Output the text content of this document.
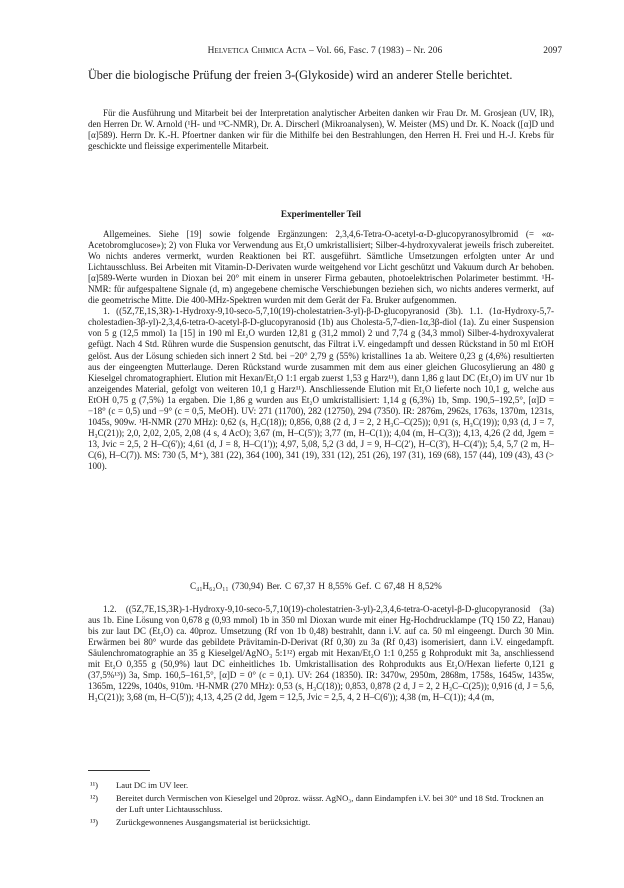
Helvetica Chimica Acta – Vol. 66, Fasc. 7 (1983) – Nr. 206	2097
Über die biologische Prüfung der freien 3-(Glykoside) wird an anderer Stelle berichtet.

Für die Ausführung und Mitarbeit bei der Interpretation analytischer Arbeiten danken wir Frau Dr. M. Grosjean (UV, IR), den Herren Dr. W. Arnold (¹H- und ¹³C-NMR), Dr. A. Dirscherl (Mikroanalysen), W. Meister (MS) und Dr. K. Noack ([α]D und [α]589). Herrn Dr. K.-H. Pfoertner danken wir für die Mithilfe bei den Bestrahlungen, den Herren H. Frei und H.-J. Krebs für geschickte und fleissige experimentelle Mitarbeit.

Experimenteller Teil

Allgemeines. Siehe [19] sowie folgende Ergänzungen: 2,3,4,6-Tetra-O-acetyl-α-D-glucopyranosylbromid (= «α-Acetobromglucose»); 2) von Fluka vor Verwendung aus Et₂O umkristallisiert; Silber-4-hydroxyvalerat jeweils frisch zubereitet. Wo nichts anderes vermerkt, wurden Reaktionen bei RT. ausgeführt. Sämtliche Umsetzungen erfolgten unter Ar und Lichtausschluss. Bei Arbeiten mit Vitamin-D-Derivaten wurde weitgehend vor Licht geschützt und Vakuum durch Ar behoben. [α]589-Werte wurden in Dioxan bei 20° mit einem in unserer Firma gebauten, photoelektrischen Polarimeter bestimmt. ¹H-NMR: für aufgespaltene Signale (d, m) angegebene chemische Verschiebungen beziehen sich, wo nichts anderes vermerkt, auf die geometrische Mitte. Die 400-MHz-Spektren wurden mit dem Gerät der Fa. Bruker aufgenommen.

1. ((5Z,7E,1S,3R)-1-Hydroxy-9,10-seco-5,7,10(19)-cholestatrien-3-yl)-β-D-glucopyranosid (3b). 1.1. (1α-Hydroxy-5,7-cholestadien-3β-yl)-2,3,4,6-tetra-O-acetyl-β-D-glucopyranosid (1b) aus Cholesta-5,7-dien-1α,3β-diol (1a). Zu einer Suspension von 5 g (12,5 mmol) 1a [15] in 190 ml Et₂O wurden 12,81 g (31,2 mmol) 2 und 7,74 g (34,3 mmol) Silber-4-hydroxyvalerat gefügt. Nach 4 Std. Rühren wurde die Suspension genutscht, das Filtrat i.V. eingedampft und dessen Rückstand in 50 ml EtOH gelöst. Aus der Lösung schieden sich innert 2 Std. bei −20° 2,79 g (55%) kristallines 1a ab. Weitere 0,23 g (4,6%) resultierten aus der eingeengten Mutterlauge. Deren Rückstand wurde zusammen mit dem aus einer gleichen Glucosylierung an 480 g Kieselgel chromatographiert. Elution mit Hexan/Et₂O 1:1 ergab zuerst 1,53 g Harz¹¹), dann 1,86 g laut DC (Et₂O) im UV nur 1b anzeigendes Material, gefolgt von weiteren 10,1 g Harz¹¹). Anschliessende Elution mit Et₂O lieferte noch 10,1 g, welche aus EtOH 0,75 g (7,5%) 1a ergaben. Die 1,86 g wurden aus Et₂O umkristallisiert: 1,14 g (6,3%) 1b, Smp. 190,5–192,5°, [α]D = −18° (c = 0,5) und −9° (c = 0,5, MeOH). UV: 271 (11700), 282 (12750), 294 (7350). IR: 2876m, 2962s, 1763s, 1370m, 1231s, 1045s, 909w. ¹H-NMR (270 MHz): 0,62 (s, H₃C(18)); 0,856, 0,88 (2 d, J = 2, 2 H₃C–C(25)); 0,91 (s, H₃C(19)); 0,93 (d, J = 7, H₃C(21)); 2,0, 2,02, 2,05, 2,08 (4 s, 4 AcO); 3,67 (m, H–C(5')); 3,77 (m, H–C(1)); 4,04 (m, H–C(3)); 4,13, 4,26 (2 dd, Jgem = 13, Jvic = 2,5, 2 H–C(6')); 4,61 (d, J = 8, H–C(1')); 4,97, 5,08, 5,2 (3 dd, J = 9, H–C(2'), H–C(3'), H–C(4')); 5,4, 5,7 (2 m, H–C(6), H–C(7)). MS: 730 (5, M⁺), 381 (22), 364 (100), 341 (19), 331 (12), 251 (26), 197 (31), 169 (68), 157 (44), 109 (43), 43 (> 100).

C₄₁H₆₂O₁₁ (730,94) Ber. C 67,37 H 8,55% Gef. C 67,48 H 8,52%

1.2. ((5Z,7E,1S,3R)-1-Hydroxy-9,10-seco-5,7,10(19)-cholestatrien-3-yl)-2,3,4,6-tetra-O-acetyl-β-D-glucopyranosid (3a) aus 1b. Eine Lösung von 0,678 g (0,93 mmol) 1b in 350 ml Dioxan wurde mit einer Hg-Hochdrucklampe (TQ 150 Z2, Hanau) bis zur laut DC (Et₂O) ca. 40proz. Umsetzung (Rf von 1b 0,48) bestrahlt, dann i.V. auf ca. 50 ml eingeengt. Durch 30 Min. Erwärmen bei 80° wurde das gebildete Prävitamin-D-Derivat (Rf 0,30) zu 3a (Rf 0,43) isomerisiert, dann i.V. eingedampft. Säulenchromatographie an 35 g Kieselgel/AgNO₃ 5:1¹²) ergab mit Hexan/Et₂O 1:1 0,255 g Rohprodukt mit 3a, anschliessend mit Et₂O 0,355 g (50,9%) laut DC einheitliches 1b. Umkristallisation des Rohprodukts aus Et₂O/Hexan lieferte 0,121 g (37,5%¹³)) 3a, Smp. 160,5–161,5°, [α]D = 0° (c = 0,1). UV: 264 (18350). IR: 3470w, 2950m, 2868m, 1758s, 1645w, 1435w, 1365m, 1229s, 1040s, 910m. ¹H-NMR (270 MHz): 0,53 (s, H₃C(18)); 0,853, 0,878 (2 d, J = 2, 2 H₃C–C(25)); 0,916 (d, J = 5,6, H₃C(21)); 3,68 (m, H–C(5')); 4,13, 4,25 (2 dd, Jgem = 12,5, Jvic = 2,5, 4, 2 H–C(6')); 4,38 (m, H–C(1)); 4,4 (m,

¹¹) Laut DC im UV leer.
¹²) Bereitet durch Vermischen von Kieselgel und 20proz. wässr. AgNO₃, dann Eindampfen i.V. bei 30° und 18 Std. Trocknen an der Luft unter Lichtausschluss.
¹³) Zurückgewonnenes Ausgangsmaterial ist berücksichtigt.
